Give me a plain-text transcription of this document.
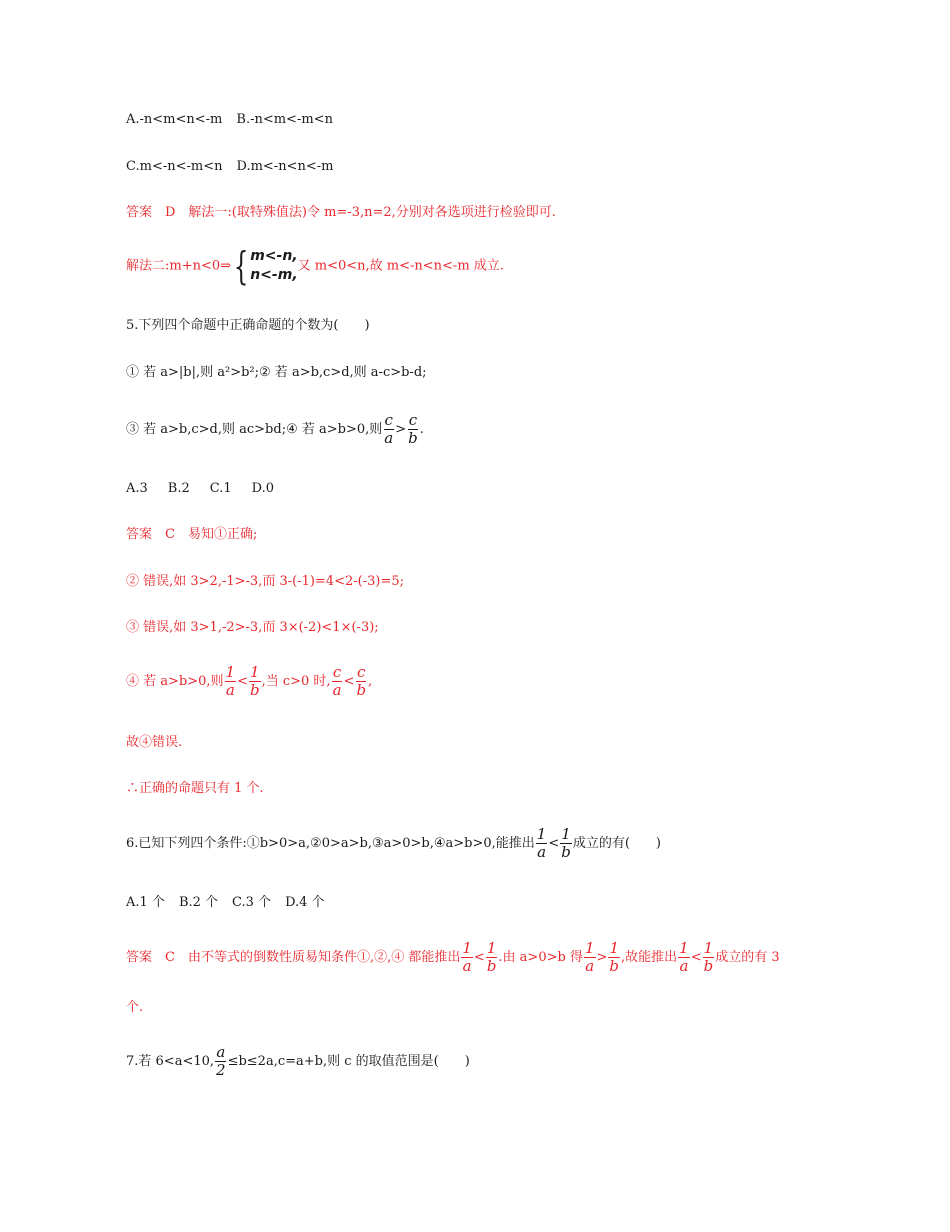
A.-n<m<n<-m B.-n<m<-m<n
C.m<-n<-m<n D.m<-n<n<-m
答案　D　解法一:(取特殊值法)令 m=-3,n=2,分别对各选项进行检验即可.
解法二:m+n<0⇒ { m<-n,
n<-m,
又 m<0<n,故 m<-n<n<-m 成立.
5.下列四个命题中正确命题的个数为(　　)
① 若 a>|b|,则 a²>b²;② 若 a>b,c>d,则 a-c>b-d;
③ 若 a>b,c>d,则 ac>bd;④ 若 a>b>0,则 $\frac{c}{a} > \frac{c}{b}$ .
A.3 B.2 C.1 D.0
答案　C　易知①正确;
② 错误,如 3>2,-1>-3,而 3-(-1)=4<2-(-3)=5;
③ 错误,如 3>1,-2>-3,而 3×(-2)<1×(-3);
④ 若 a>b>0,则 $\frac{1}{a} < \frac{1}{b}$ ,当 c>0 时, $\frac{c}{a} < \frac{c}{b}$ ,
故④错误.
∴正确的命题只有 1 个.
6.已知下列四个条件:①b>0>a,②0>a>b,③a>0>b,④a>b>0,能推出 $\frac{1}{a} < \frac{1}{b}$ 成立的有(　　)
A.1 个 B.2 个 C.3 个 D.4 个
答案　C　由不等式的倒数性质易知条件①,②,④ 都能推出 $\frac{1}{a} < \frac{1}{b}$ .由 a>0>b 得 $\frac{1}{a} > \frac{1}{b}$ ,故能推出 $\frac{1}{a} < \frac{1}{b}$ 成立的有 3
个.
7.若 6<a<10, $\frac{a}{2} \le b\le 2a,c=a+b$,则 c 的取值范围是(　　)
